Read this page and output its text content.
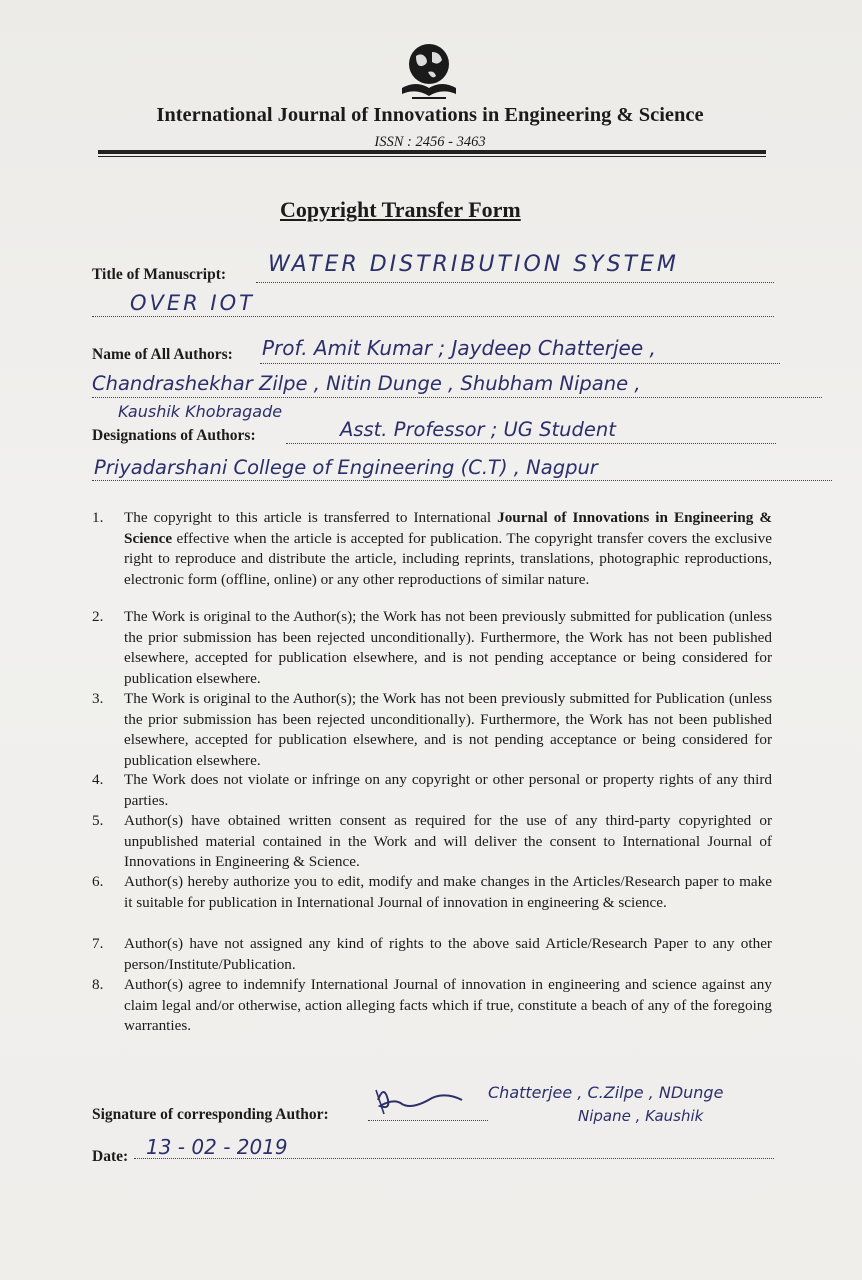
International Journal of Innovations in Engineering & Science
ISSN : 2456 - 3463
Copyright Transfer Form
Title of Manuscript: WATER DISTRIBUTION SYSTEM
OVER IOT
Name of All Authors: Prof. Amit Kumar ; Jaydeep Chatterjee ,
Chandrashekhar Zilpe , Nitin Dunge , Shubham Nipane ,
Kaushik Khobragade
Designations of Authors:	Asst. Professor ; UG Student
Priyadarshani College of Engineering (C.T) , Nagpur
1. The copyright to this article is transferred to International Journal of Innovations in Engineering & Science effective when the article is accepted for publication. The copyright transfer covers the exclusive right to reproduce and distribute the article, including reprints, translations, photographic reproductions, electronic form (offline, online) or any other reproductions of similar nature.
2. The Work is original to the Author(s); the Work has not been previously submitted for publication (unless the prior submission has been rejected unconditionally). Furthermore, the Work has not been published elsewhere, accepted for publication elsewhere, and is not pending acceptance or being considered for publication elsewhere.
3. The Work is original to the Author(s); the Work has not been previously submitted for Publication (unless the prior submission has been rejected unconditionally). Furthermore, the Work has not been published elsewhere, accepted for publication elsewhere, and is not pending acceptance or being considered for publication elsewhere.
4. The Work does not violate or infringe on any copyright or other personal or property rights of any third parties.
5. Author(s) have obtained written consent as required for the use of any third-party copyrighted or unpublished material contained in the Work and will deliver the consent to International Journal of Innovations in Engineering & Science.
6. Author(s) hereby authorize you to edit, modify and make changes in the Articles/Research paper to make it suitable for publication in International Journal of innovation in engineering & science.
7. Author(s) have not assigned any kind of rights to the above said Article/Research Paper to any other person/Institute/Publication.
8. Author(s) agree to indemnify International Journal of innovation in engineering and science against any claim legal and/or otherwise, action alleging facts which if true, constitute a beach of any of the foregoing warranties.
Signature of corresponding Author:
Chatterjee , C.Zilpe , NDunge
Nipane , Kaushik
Date: 13 - 02 - 2019
